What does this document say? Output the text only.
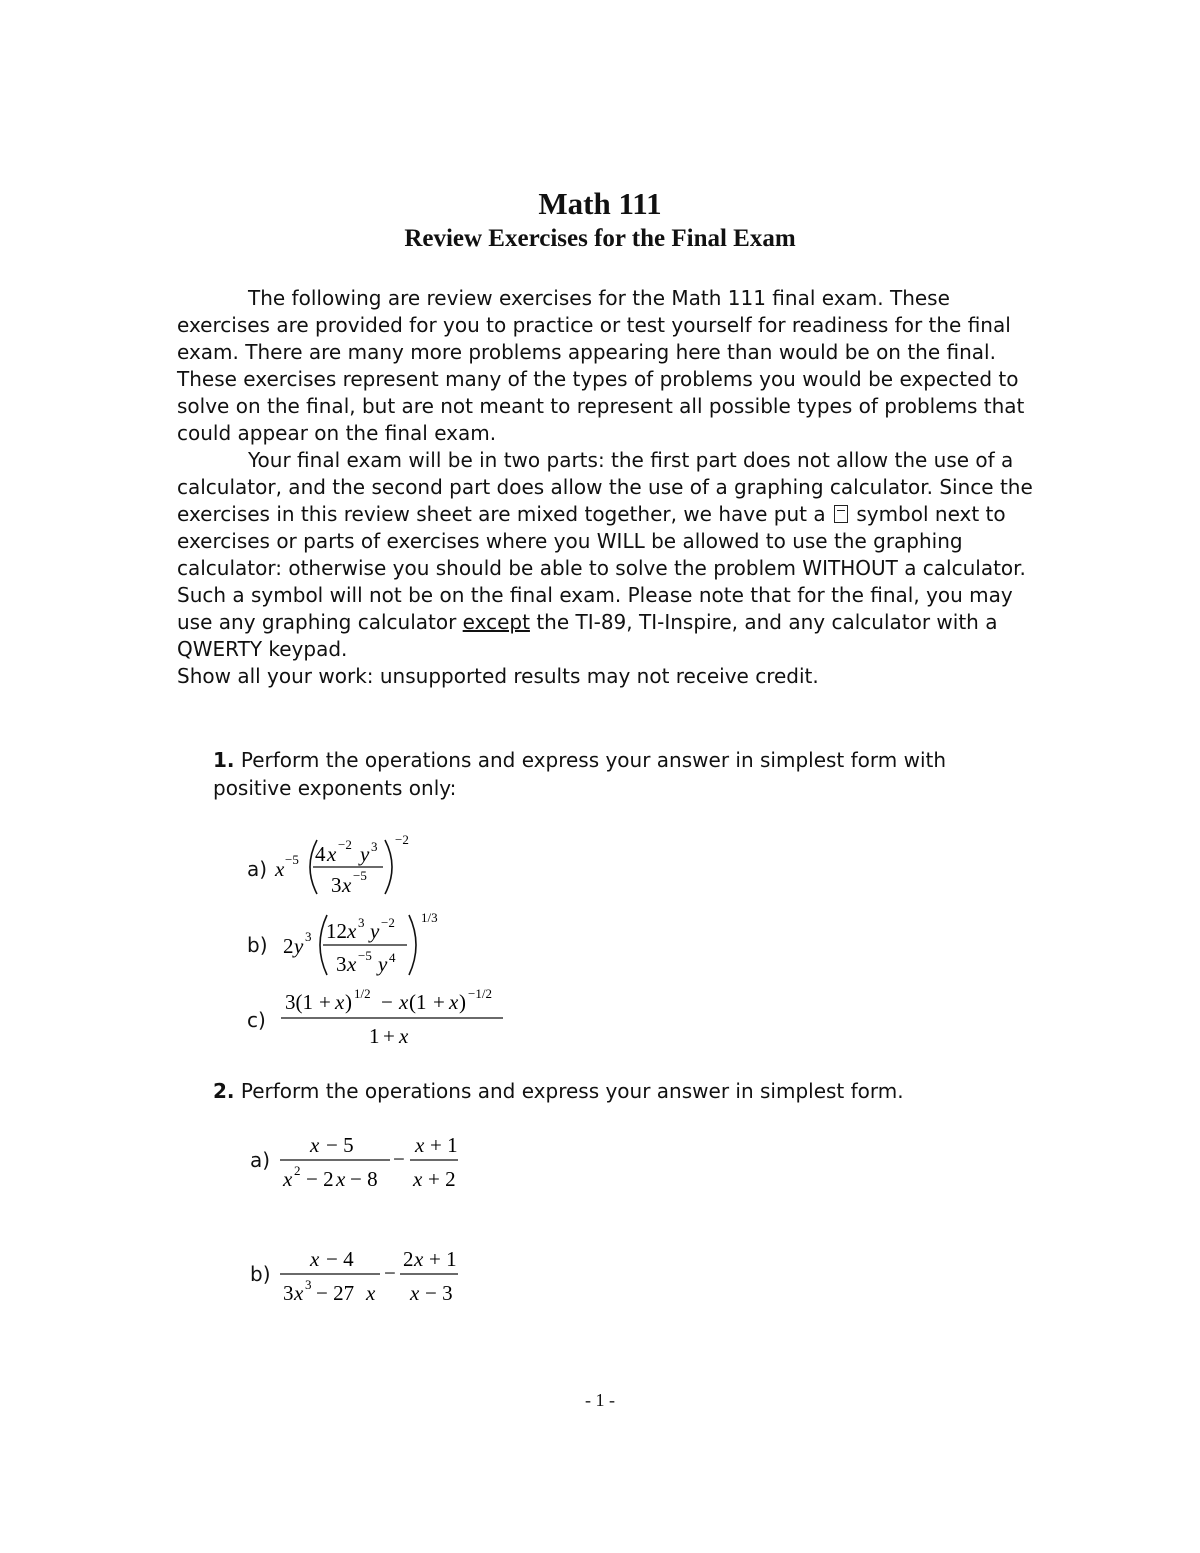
Math 111
Review Exercises for the Final Exam

The following are review exercises for the Math 111 final exam. These exercises are provided for you to practice or test yourself for readiness for the final exam. There are many more problems appearing here than would be on the final. These exercises represent many of the types of problems you would be expected to solve on the final, but are not meant to represent all possible types of problems that could appear on the final exam.

Your final exam will be in two parts: the first part does not allow the use of a calculator, and the second part does allow the use of a graphing calculator. Since the exercises in this review sheet are mixed together, we have put a symbol next to exercises or parts of exercises where you WILL be allowed to use the graphing calculator: otherwise you should be able to solve the problem WITHOUT a calculator. Such a symbol will not be on the final exam. Please note that for the final, you may use any graphing calculator except the TI-89, TI-Inspire, and any calculator with a QWERTY keypad.

Show all your work: unsupported results may not receive credit.

1. Perform the operations and express your answer in simplest form with positive exponents only:

a) x −5 4 x −2 y 3
3 x −5
−2
b) 2 y 3 12 x 3 y −2
3 x −5 y 4
1/3
c)
3(1 + x ) 1/2 − x (1 + x ) −1/2
1 + x

2. Perform the operations and express your answer in simplest form.

a)
x − 5
x 2 − 2 x − 8
−
x + 1
x + 2
b)
x − 4
3 x 3 − 27 x
−
2 x + 1
x − 3
- 1 -
